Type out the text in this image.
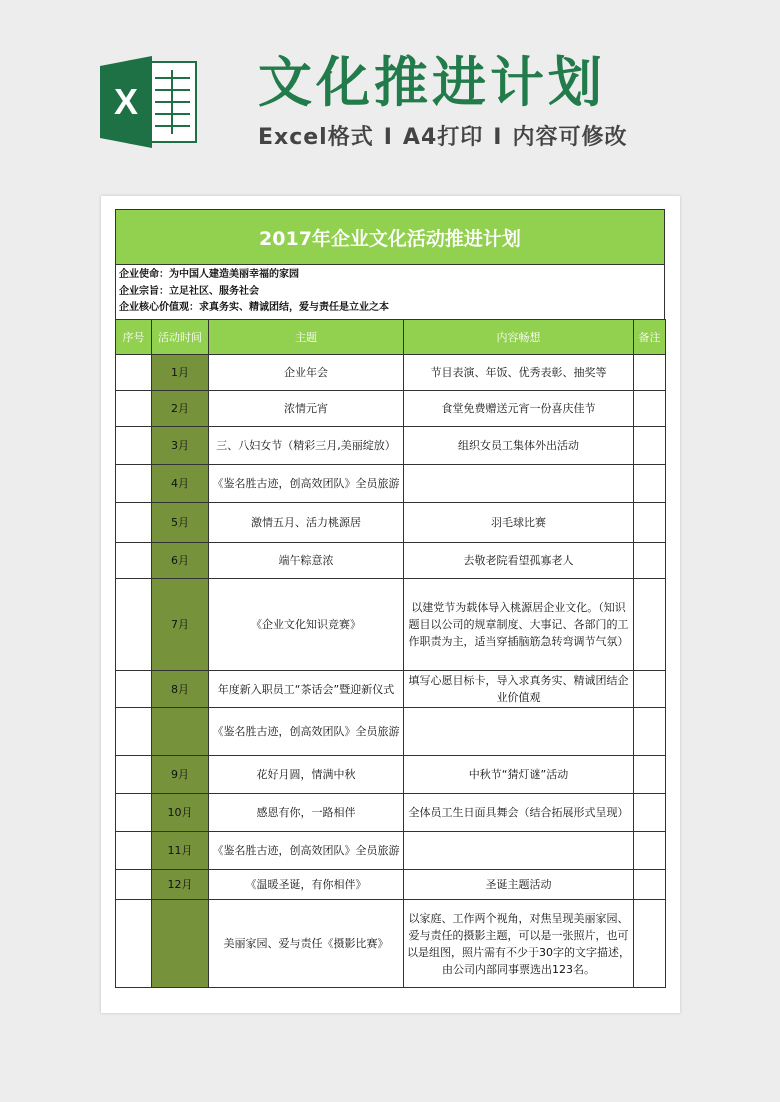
X 文化推进计划
Excel格式 I A4打印 I 内容可修改
2017年企业文化活动推进计划
企业使命：为中国人建造美丽幸福的家园
企业宗旨：立足社区、服务社会
企业核心价值观：求真务实、精诚团结，爱与责任是立业之本
序号	活动时间	主题	内容畅想	备注
	1月	企业年会	节目表演、年饭、优秀表彰、抽奖等	
	2月	浓情元宵	食堂免费赠送元宵一份喜庆佳节	
	3月	三、八妇女节（精彩三月,美丽绽放）	组织女员工集体外出活动	
	4月	《鉴名胜古迹，创高效团队》全员旅游		
	5月	激情五月、活力桃源居	羽毛球比赛	
	6月	端午粽意浓	去敬老院看望孤寡老人	
	7月	《企业文化知识竞赛》	以建党节为载体导入桃源居企业文化。（知识题目以公司的规章制度、大事记、各部门的工作职责为主，适当穿插脑筋急转弯调节气氛）	
	8月	年度新入职员工“茶话会”暨迎新仪式	填写心愿目标卡，导入求真务实、精诚团结企业价值观	
		《鉴名胜古迹，创高效团队》全员旅游		
	9月	花好月圆，情满中秋	中秋节“猜灯谜”活动	
	10月	感恩有你，一路相伴	全体员工生日面具舞会（结合拓展形式呈现）	
	11月	《鉴名胜古迹，创高效团队》全员旅游		
	12月	《温暖圣诞，有你相伴》	圣诞主题活动	
		美丽家园、爱与责任《摄影比赛》	以家庭、工作两个视角，对焦呈现美丽家园、爱与责任的摄影主题，可以是一张照片，也可以是组图，照片需有不少于30字的文字描述，由公司内部同事票选出123名。	
